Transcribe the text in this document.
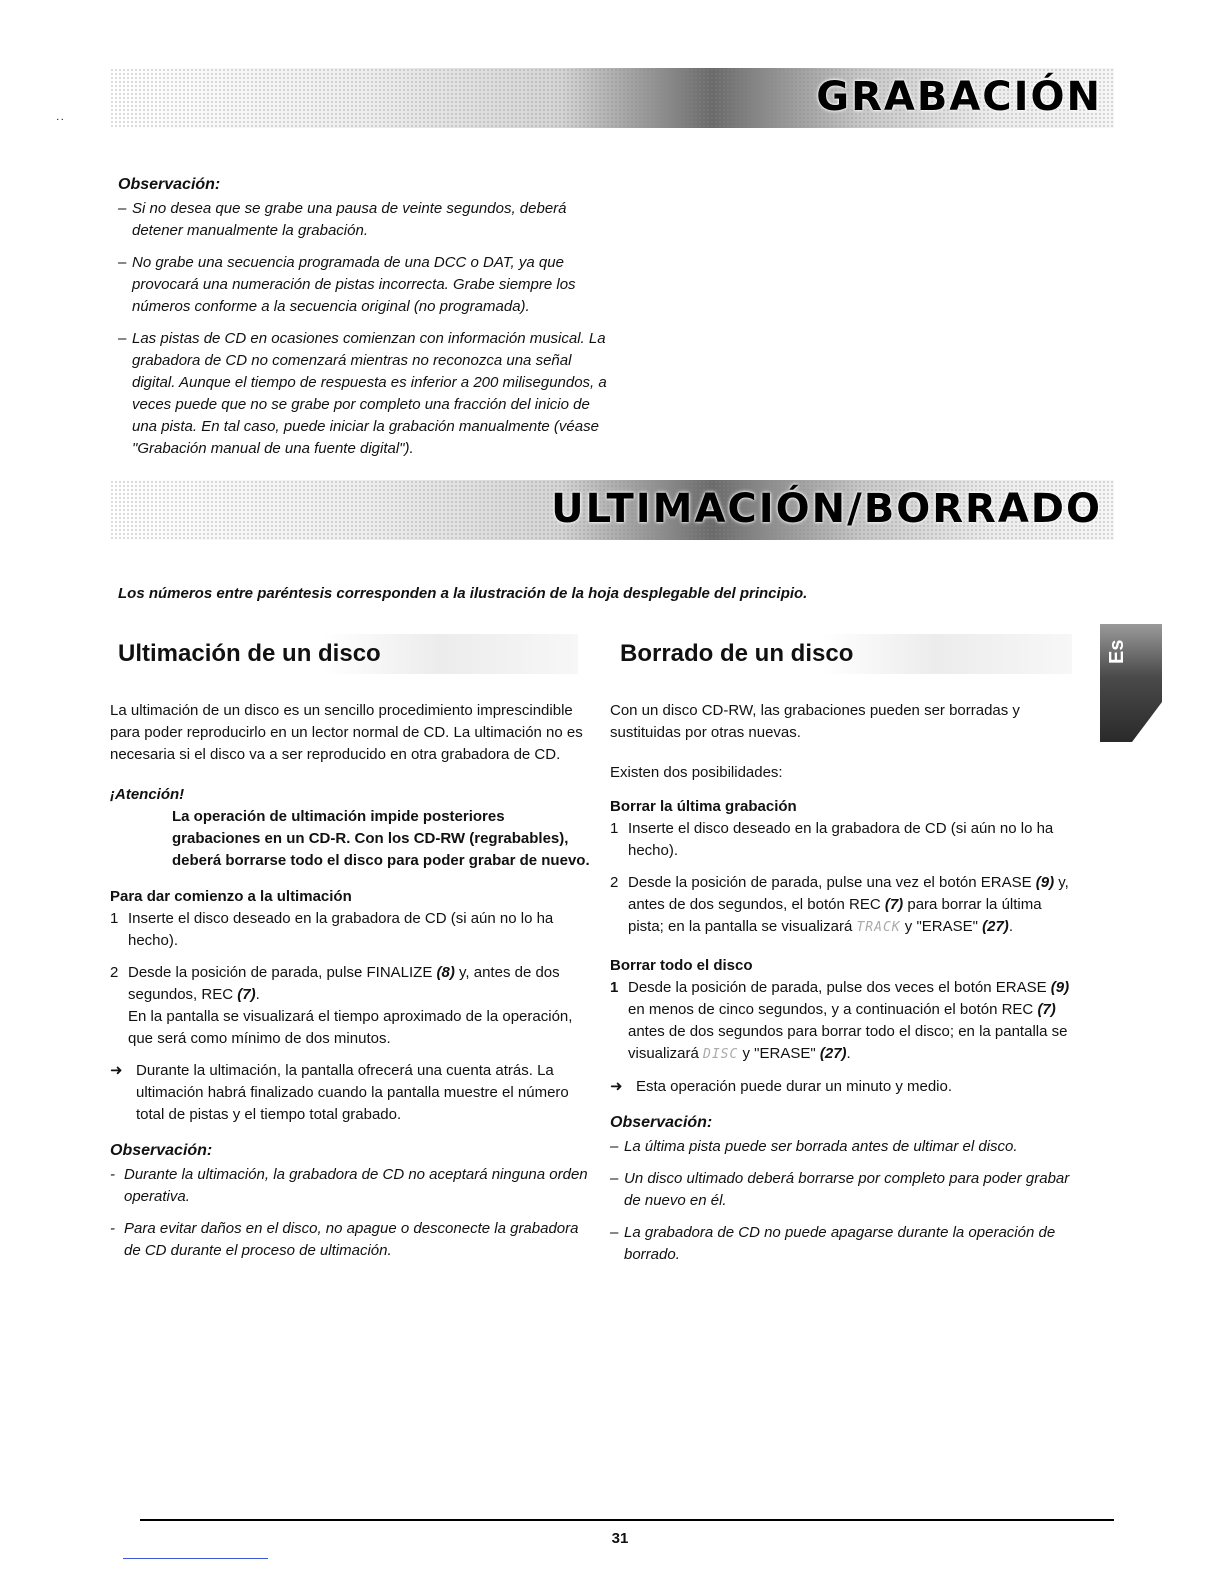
˙˙
GRABACIÓN
Observación:
– Si no desea que se grabe una pausa de veinte segundos, deberá detener manualmente la grabación.
– No grabe una secuencia programada de una DCC o DAT, ya que provocará una numeración de pistas incorrecta. Grabe siempre los números conforme a la secuencia original (no programada).
– Las pistas de CD en ocasiones comienzan con información musical. La grabadora de CD no comenzará mientras no reconozca una señal digital. Aunque el tiempo de respuesta es inferior a 200 milisegundos, a veces puede que no se grabe por completo una fracción del inicio de una pista. En tal caso, puede iniciar la grabación manualmente (véase "Grabación manual de una fuente digital").
ULTIMACIÓN/BORRADO
Los números entre paréntesis corresponden a la ilustración de la hoja desplegable del principio.
Ultimación de un disco	Borrado de un disco

La ultimación de un disco es un sencillo procedimiento imprescindible para poder reproducirlo en un lector normal de CD. La ultimación no es necesaria si el disco va a ser reproducido en otra grabadora de CD.

¡Atención!
La operación de ultimación impide posteriores grabaciones en un CD-R. Con los CD-RW (regrabables), deberá borrarse todo el disco para poder grabar de nuevo.
Para dar comienzo a la ultimación
1 Inserte el disco deseado en la grabadora de CD (si aún no lo ha hecho).
2 Desde la posición de parada, pulse FINALIZE (8) y, antes de dos segundos, REC (7).
En la pantalla se visualizará el tiempo aproximado de la operación, que será como mínimo de dos minutos.
➜ Durante la ultimación, la pantalla ofrecerá una cuenta atrás. La ultimación habrá finalizado cuando la pantalla muestre el número total de pistas y el tiempo total grabado.
Observación:
- Durante la ultimación, la grabadora de CD no aceptará ninguna orden operativa.
- Para evitar daños en el disco, no apague o desconecte la grabadora de CD durante el proceso de ultimación.

Con un disco CD-RW, las grabaciones pueden ser borradas y sustituidas por otras nuevas.

Existen dos posibilidades:

Borrar la última grabación
1 Inserte el disco deseado en la grabadora de CD (si aún no lo ha hecho).
2 Desde la posición de parada, pulse una vez el botón ERASE (9) y, antes de dos segundos, el botón REC (7) para borrar la última pista; en la pantalla se visualizará TRACK y "ERASE" (27).
Borrar todo el disco
1 Desde la posición de parada, pulse dos veces el botón ERASE (9) en menos de cinco segundos, y a continuación el botón REC (7) antes de dos segundos para borrar todo el disco; en la pantalla se visualizará DISC y "ERASE" (27).
➜ Esta operación puede durar un minuto y medio.
Observación:
– La última pista puede ser borrada antes de ultimar el disco.
– Un disco ultimado deberá borrarse por completo para poder grabar de nuevo en él.
– La grabadora de CD no puede apagarse durante la operación de borrado.
Es
31
